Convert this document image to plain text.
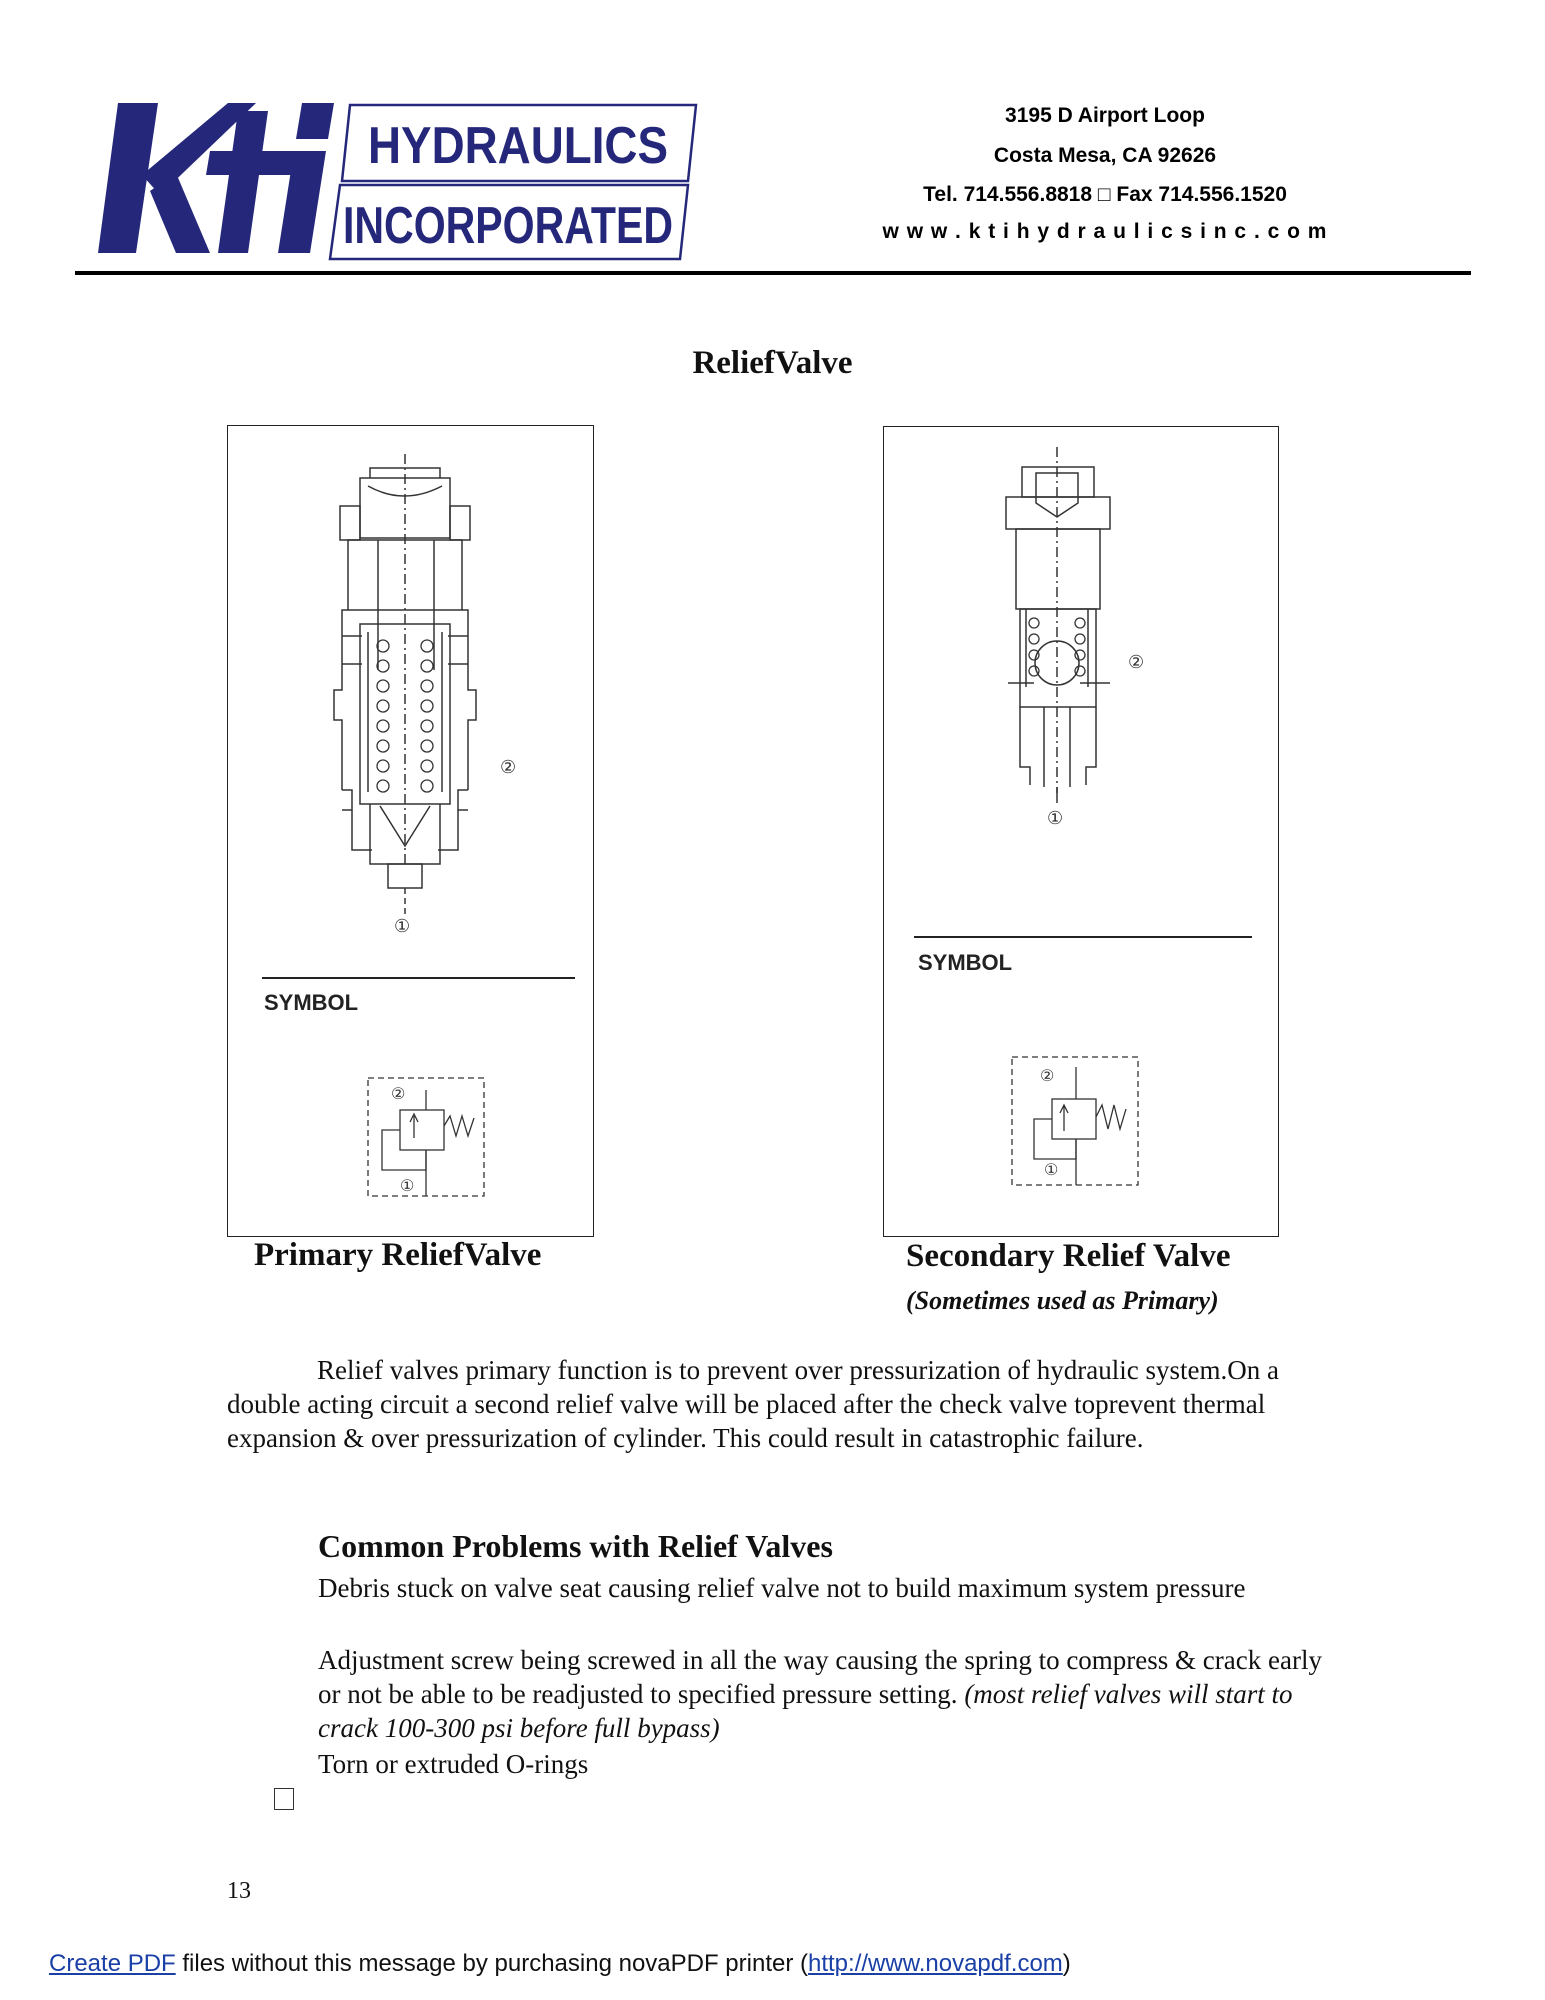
HYDRAULICS
INCORPORATED
3195 D Airport Loop
Costa Mesa, CA 92626
Tel. 714.556.8818 □ Fax 714.556.1520
w w w . k t i h y d r a u l i c s i n c . c o m
ReliefValve
②
①
SYMBOL
②
①
Primary ReliefValve
②
①
SYMBOL
②
①
Secondary Relief Valve
(Sometimes used as Primary)
Relief valves primary function is to prevent over pressurization of hydraulic system.On a double acting circuit a second relief valve will be placed after the check valve toprevent thermal expansion & over pressurization of cylinder. This could result in catastrophic failure.
Common Problems with Relief Valves
Debris stuck on valve seat causing relief valve not to build maximum system pressure
Adjustment screw being screwed in all the way causing the spring to compress & crack early or not be able to be readjusted to specified pressure setting. (most relief valves will start to crack 100-300 psi before full bypass)
Torn or extruded O-rings
13
Create PDF files without this message by purchasing novaPDF printer (http://www.novapdf.com)
